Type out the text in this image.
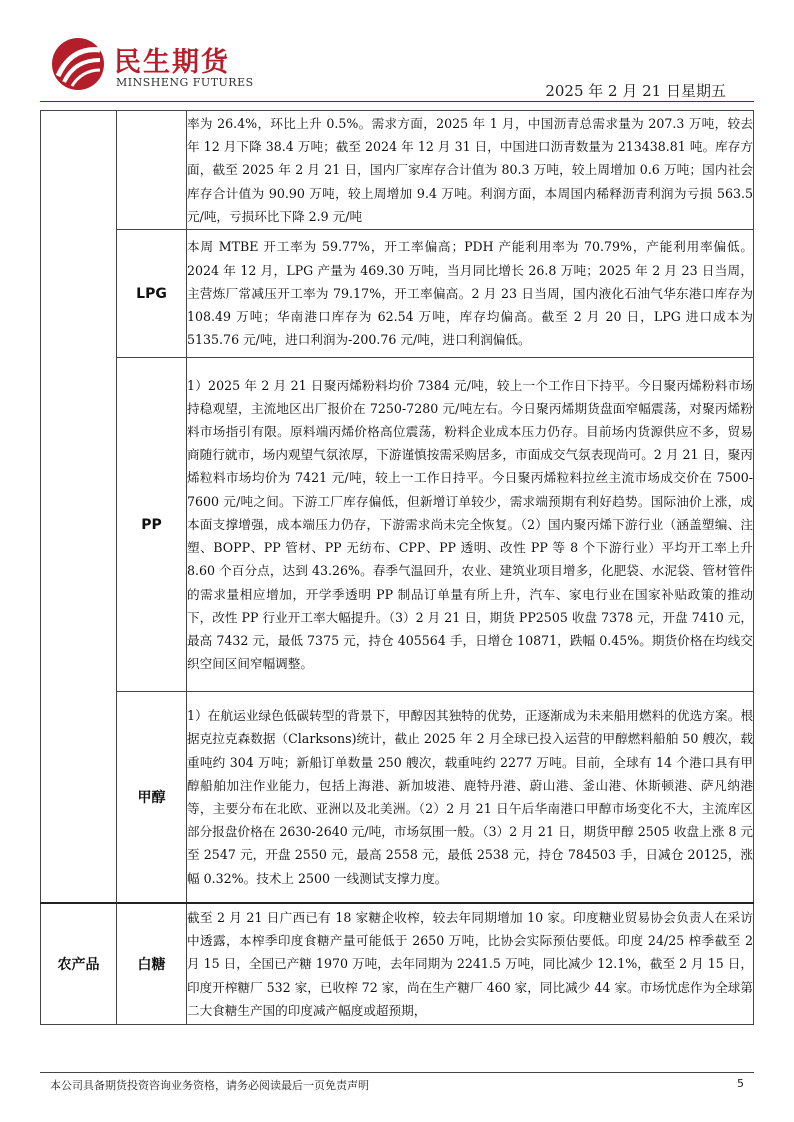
民生期货
MINSHENG FUTURES	2025 年 2 月 21 日星期五
		率为 26.4%，环比上升 0.5%。需求方面，2025 年 1 月，中国沥青总需求量为 207.3 万吨，较去年 12 月下降 38.4 万吨；截至 2024 年 12 月 31 日，中国进口沥青数量为 213438.81 吨。库存方面，截至 2025 年 2 月 21 日，国内厂家库存合计值为 80.3 万吨，较上周增加 0.6 万吨；国内社会库存合计值为 90.90 万吨，较上周增加 9.4 万吨。利润方面，本周国内稀释沥青利润为亏损 563.5 元/吨，亏损环比下降 2.9 元/吨
	LPG	本周 MTBE 开工率为 59.77%，开工率偏高；PDH 产能利用率为 70.79%，产能利用率偏低。2024 年 12 月，LPG 产量为 469.30 万吨，当月同比增长 26.8 万吨；2025 年 2 月 23 日当周，主营炼厂常减压开工率为 79.17%，开工率偏高。2 月 23 日当周，国内液化石油气华东港口库存为 108.49 万吨；华南港口库存为 62.54 万吨，库存均偏高。截至 2 月 20 日，LPG 进口成本为 5135.76 元/吨，进口利润为-200.76 元/吨，进口利润偏低。
	PP	1）2025 年 2 月 21 日聚丙烯粉料均价 7384 元/吨，较上一个工作日下持平。今日聚丙烯粉料市场持稳观望，主流地区出厂报价在 7250-7280 元/吨左右。今日聚丙烯期货盘面窄幅震荡，对聚丙烯粉料市场指引有限。原料端丙烯价格高位震荡，粉料企业成本压力仍存。目前场内货源供应不多，贸易商随行就市，场内观望气氛浓厚，下游谨慎按需采购居多，市面成交气氛表现尚可。2 月 21 日，聚丙烯粒料市场均价为 7421 元/吨，较上一工作日持平。今日聚丙烯粒料拉丝主流市场成交价在 7500-7600 元/吨之间。下游工厂库存偏低，但新增订单较少，需求端预期有利好趋势。国际油价上涨，成本面支撑增强，成本端压力仍存，下游需求尚未完全恢复。（2）国内聚丙烯下游行业（涵盖塑编、注塑、BOPP、PP 管材、PP 无纺布、CPP、PP 透明、改性 PP 等 8 个下游行业）平均开工率上升 8.60 个百分点，达到 43.26%。春季气温回升，农业、建筑业项目增多，化肥袋、水泥袋、管材管件的需求量相应增加，开学季透明 PP 制品订单量有所上升，汽车、家电行业在国家补贴政策的推动下，改性 PP 行业开工率大幅提升。（3）2 月 21 日，期货 PP2505 收盘 7378 元，开盘 7410 元，最高 7432 元，最低 7375 元，持仓 405564 手，日增仓 10871，跌幅 0.45%。期货价格在均线交织空间区间窄幅调整。
	甲醇	1）在航运业绿色低碳转型的背景下，甲醇因其独特的优势，正逐渐成为未来船用燃料的优选方案。根据克拉克森数据（Clarksons)统计，截止 2025 年 2 月全球已投入运营的甲醇燃料船舶 50 艘次，载重吨约 304 万吨；新船订单数量 250 艘次，载重吨约 2277 万吨。目前，全球有 14 个港口具有甲醇船舶加注作业能力，包括上海港、新加坡港、鹿特丹港、蔚山港、釜山港、休斯顿港、萨凡纳港等，主要分布在北欧、亚洲以及北美洲。（2）2 月 21 日午后华南港口甲醇市场变化不大，主流库区部分报盘价格在 2630-2640 元/吨，市场氛围一般。（3）2 月 21 日，期货甲醇 2505 收盘上涨 8 元至 2547 元，开盘 2550 元，最高 2558 元，最低 2538 元，持仓 784503 手，日减仓 20125，涨幅 0.32%。技术上 2500 一线测试支撑力度。
农产品	白糖	截至 2 月 21 日广西已有 18 家糖企收榨，较去年同期增加 10 家。印度糖业贸易协会负责人在采访中透露，本榨季印度食糖产量可能低于 2650 万吨，比协会实际预估要低。印度 24/25 榨季截至 2 月 15 日，全国已产糖 1970 万吨，去年同期为 2241.5 万吨，同比减少 12.1%，截至 2 月 15 日，印度开榨糖厂 532 家，已收榨 72 家，尚在生产糖厂 460 家，同比减少 44 家。市场忧虑作为全球第二大食糖生产国的印度减产幅度或超预期，
本公司具备期货投资咨询业务资格，请务必阅读最后一页免责声明	5
